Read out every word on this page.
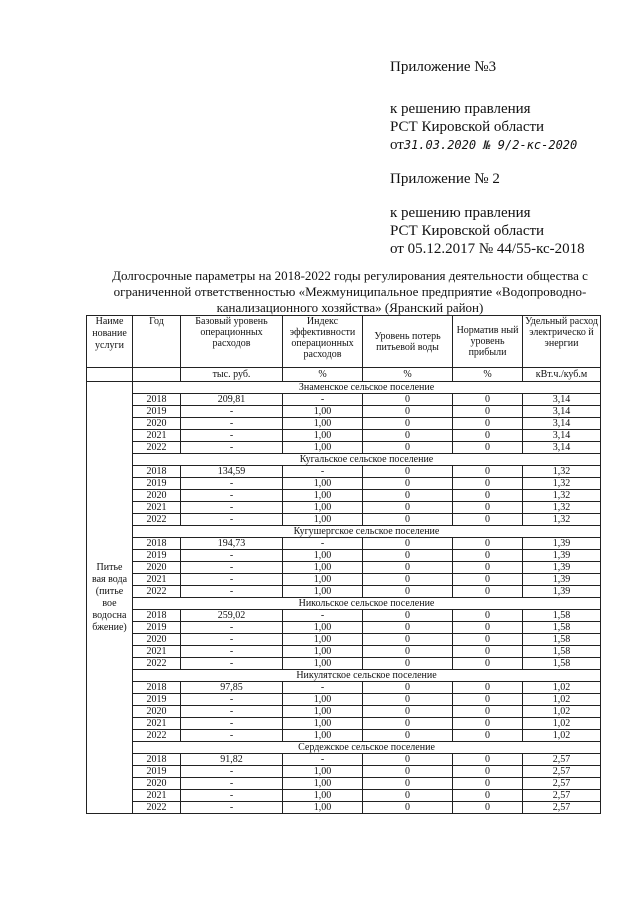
Приложение №3
к решению правления
РСТ Кировской области
от31.03.2020 № 9/2-кс-2020
Приложение № 2
к решению правления
РСТ Кировской области
от 05.12.2017 № 44/55-кс-2018
Долгосрочные параметры на 2018-2022 годы регулирования деятельности общества с
ограниченной ответственностью «Межмуниципальное предприятие «Водопроводно-
канализационного хозяйства» (Яранский район)
Наиме нование услуги	Год	Базовый уровень операционных расходов	Индекс эффективности операционных расходов	Уровень потерь питьевой воды	Норматив ный уровень прибыли	Удельный расход электрическо й энергии
		тыс. руб.	%	%	%	кВт.ч./куб.м
Питье вая вода (питье вое водосна бжение)	Знаменское сельское поселение					
	2018	209,81	-	0	0	3,14
	2019	-	1,00	0	0	3,14
	2020	-	1,00	0	0	3,14
	2021	-	1,00	0	0	3,14
	2022	-	1,00	0	0	3,14
	Кугальское сельское поселение					
	2018	134,59	-	0	0	1,32
	2019	-	1,00	0	0	1,32
	2020	-	1,00	0	0	1,32
	2021	-	1,00	0	0	1,32
	2022	-	1,00	0	0	1,32
	Кугушергское сельское поселение					
	2018	194,73	-	0	0	1,39
	2019	-	1,00	0	0	1,39
	2020	-	1,00	0	0	1,39
	2021	-	1,00	0	0	1,39
	2022	-	1,00	0	0	1,39
	Никольское сельское поселение					
	2018	259,02	-	0	0	1,58
	2019	-	1,00	0	0	1,58
	2020	-	1,00	0	0	1,58
	2021	-	1,00	0	0	1,58
	2022	-	1,00	0	0	1,58
	Никулятское сельское поселение					
	2018	97,85	-	0	0	1,02
	2019	-	1,00	0	0	1,02
	2020	-	1,00	0	0	1,02
	2021	-	1,00	0	0	1,02
	2022	-	1,00	0	0	1,02
	Сердежское сельское поселение					
	2018	91,82	-	0	0	2,57
	2019	-	1,00	0	0	2,57
	2020	-	1,00	0	0	2,57
	2021	-	1,00	0	0	2,57
	2022	-	1,00	0	0	2,57
